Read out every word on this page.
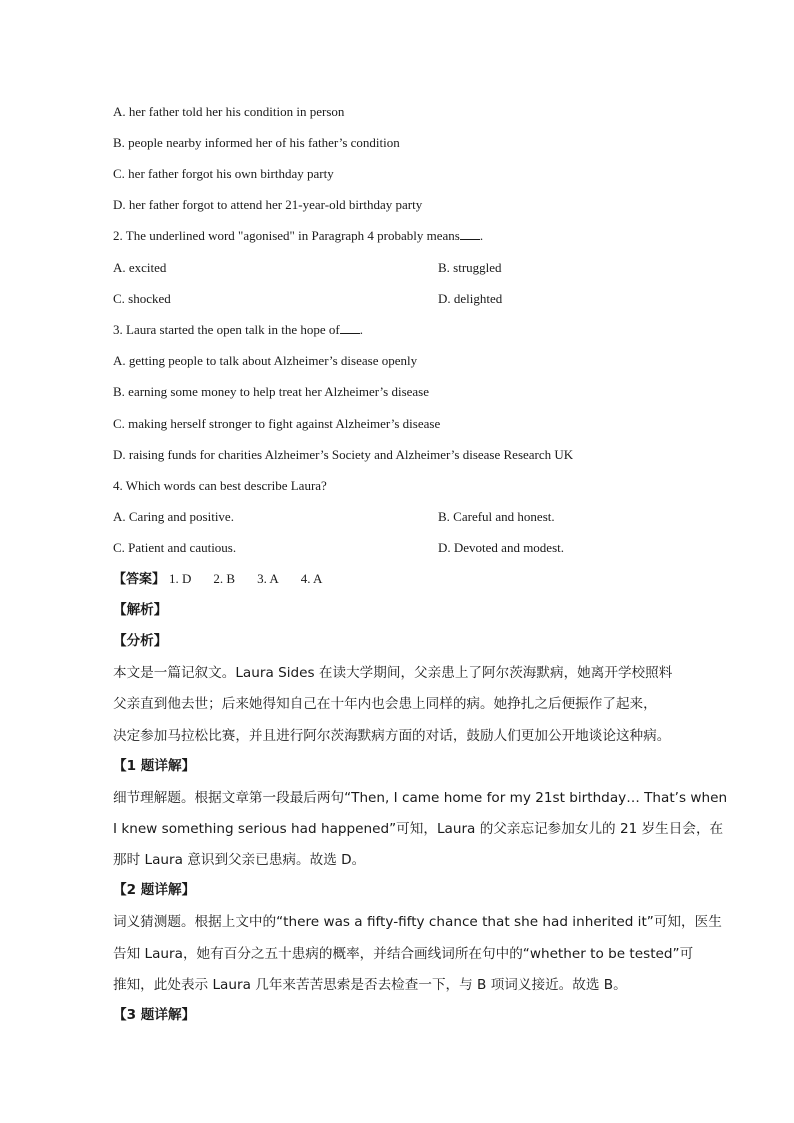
A. her father told her his condition in person
B. people nearby informed her of his father’s condition
C. her father forgot his own birthday party
D. her father forgot to attend her 21-year-old birthday party
2. The underlined word "agonised" in Paragraph 4 probably means .
A. excited	B. struggled
C. shocked	D. delighted
3. Laura started the open talk in the hope of .
A. getting people to talk about Alzheimer’s disease openly
B. earning some money to help treat her Alzheimer’s disease
C. making herself stronger to fight against Alzheimer’s disease
D. raising funds for charities Alzheimer’s Society and Alzheimer’s disease Research UK
4. Which words can best describe Laura?
A. Caring and positive.	B. Careful and honest.
C. Patient and cautious.	D. Devoted and modest.
【答案】 1. D 2. B 3. A 4. A
【解析】
【分析】
本文是一篇记叙文。Laura Sides 在读大学期间，父亲患上了阿尔茨海默病，她离开学校照料
父亲直到他去世；后来她得知自己在十年内也会患上同样的病。她挣扎之后便振作了起来，
决定参加马拉松比赛，并且进行阿尔茨海默病方面的对话，鼓励人们更加公开地谈论这种病。
【1 题详解】
细节理解题。根据文章第一段最后两句“Then, I came home for my 21st birthday… That’s when
I knew something serious had happened”可知，Laura 的父亲忘记参加女儿的 21 岁生日会，在
那时 Laura 意识到父亲已患病。故选 D。
【2 题详解】
词义猜测题。根据上文中的“there was a fifty-fifty chance that she had inherited it”可知，医生
告知 Laura，她有百分之五十患病的概率，并结合画线词所在句中的“whether to be tested”可
推知，此处表示 Laura 几年来苦苦思索是否去检查一下，与 B 项词义接近。故选 B。
【3 题详解】
